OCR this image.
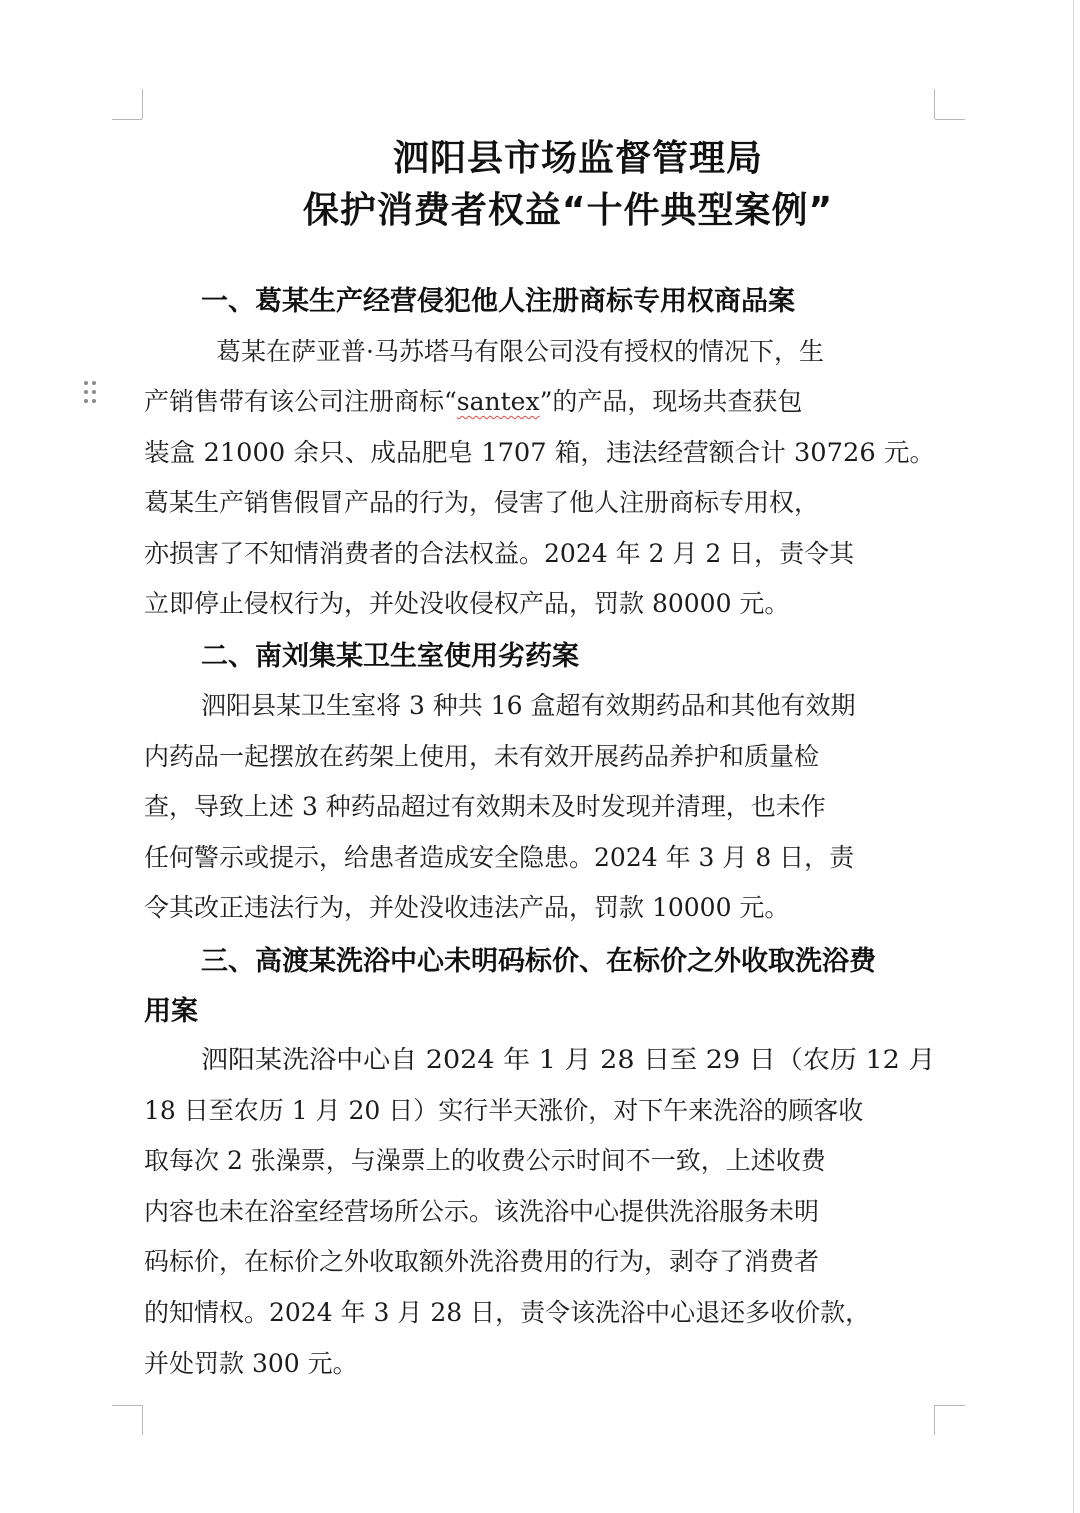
泗阳县市场监督管理局
保护消费者权益“十件典型案例”
一、葛某生产经营侵犯他人注册商标专用权商品案
葛某在萨亚普·马苏塔马有限公司没有授权的情况下，生
产销售带有该公司注册商标“santex”的产品，现场共查获包
装盒 21000 余只、成品肥皂 1707 箱，违法经营额合计 30726 元。
葛某生产销售假冒产品的行为，侵害了他人注册商标专用权，
亦损害了不知情消费者的合法权益。2024 年 2 月 2 日，责令其
立即停止侵权行为，并处没收侵权产品，罚款 80000 元。
二、南刘集某卫生室使用劣药案
泗阳县某卫生室将 3 种共 16 盒超有效期药品和其他有效期
内药品一起摆放在药架上使用，未有效开展药品养护和质量检
查，导致上述 3 种药品超过有效期未及时发现并清理，也未作
任何警示或提示，给患者造成安全隐患。2024 年 3 月 8 日，责
令其改正违法行为，并处没收违法产品，罚款 10000 元。
三、高渡某洗浴中心未明码标价、在标价之外收取洗浴费
用案
泗阳某洗浴中心自 2024 年 1 月 28 日至 29 日（农历 12 月
18 日至农历 1 月 20 日）实行半天涨价，对下午来洗浴的顾客收
取每次 2 张澡票，与澡票上的收费公示时间不一致，上述收费
内容也未在浴室经营场所公示。该洗浴中心提供洗浴服务未明
码标价，在标价之外收取额外洗浴费用的行为，剥夺了消费者
的知情权。2024 年 3 月 28 日，责令该洗浴中心退还多收价款，
并处罚款 300 元。
